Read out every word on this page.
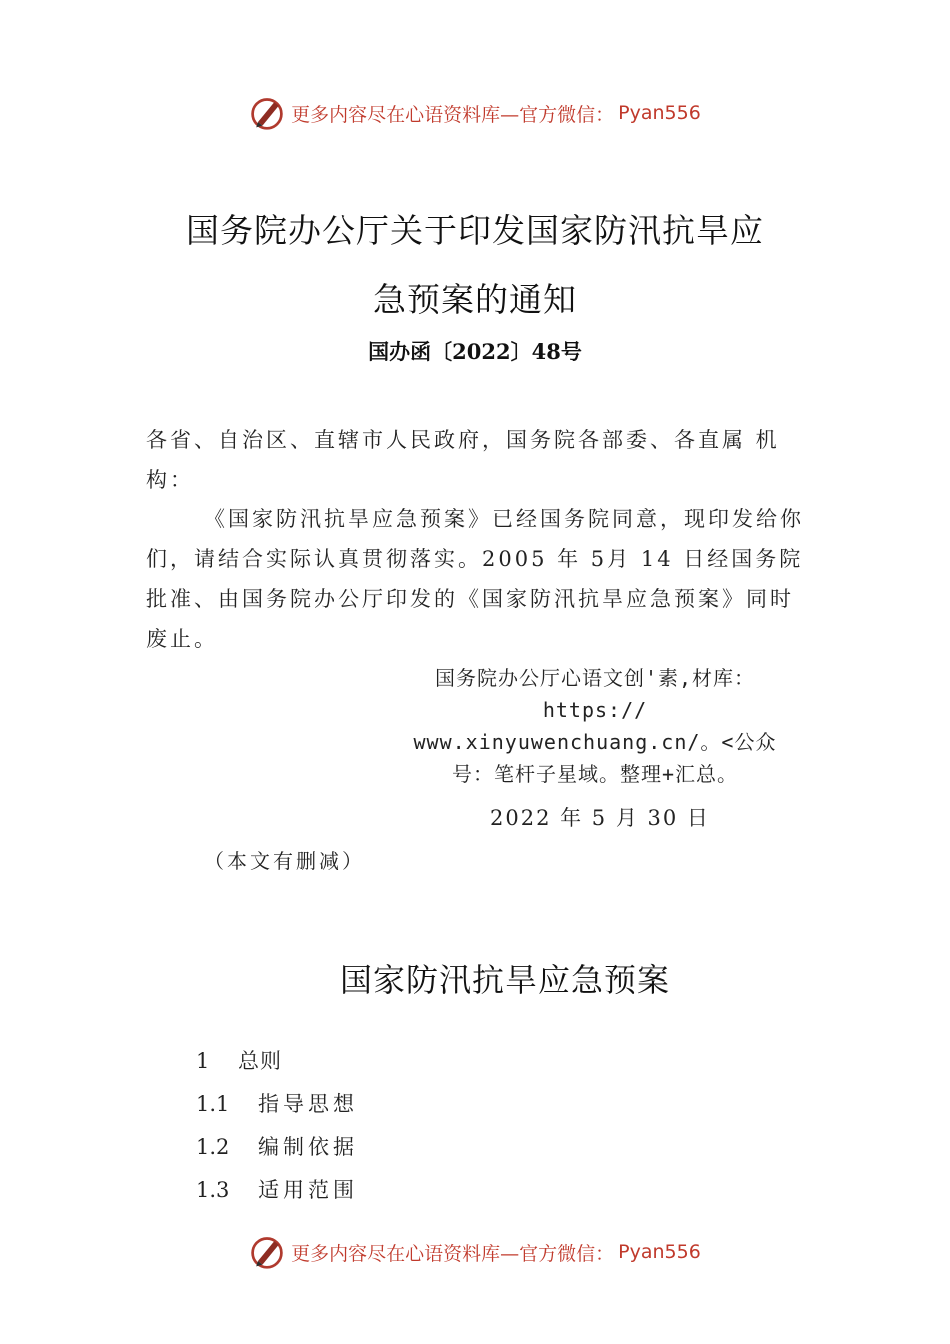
更多内容尽在心语资料库—官方微信： Pyan556
国务院办公厅关于印发国家防汛抗旱应
急预案的通知
国办函〔2022〕48号
各省、自治区、直辖市人民政府，国务院各部委、各直属 机构：
《国家防汛抗旱应急预案》已经国务院同意，现印发给你们，请结合实际认真贯彻落实。2005 年 5月 14 日经国务院批准、由国务院办公厅印发的《国家防汛抗旱应急预案》同时废止。
国务院办公厅心语文创'素,材库：
https://
www.xinyuwenchuang.cn/。<公众
号：笔杆子星域。整理+汇总。
2022 年 5 月 30 日
（本文有删减）
国家防汛抗旱应急预案
1 总则
1.1 指导思想
1.2 编制依据
1.3 适用范围
更多内容尽在心语资料库—官方微信： Pyan556
